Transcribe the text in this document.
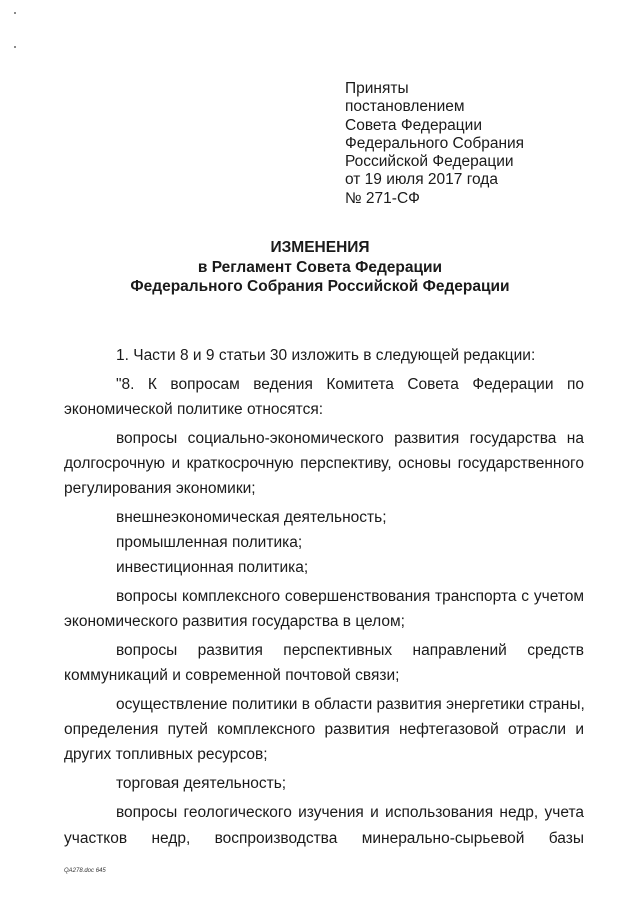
Приняты
постановлением
Совета Федерации
Федерального Собрания
Российской Федерации
от 19 июля 2017 года
№ 271-СФ
ИЗМЕНЕНИЯ
в Регламент Совета Федерации
Федерального Собрания Российской Федерации
1. Части 8 и 9 статьи 30 изложить в следующей редакции:
"8. К вопросам ведения Комитета Совета Федерации по
экономической политике относятся:
вопросы социально-экономического развития государства на
долгосрочную и краткосрочную перспективу, основы государственного
регулирования экономики;
внешнеэкономическая деятельность;
промышленная политика;
инвестиционная политика;
вопросы комплексного совершенствования транспорта с учетом
экономического развития государства в целом;
вопросы развития перспективных направлений средств
коммуникаций и современной почтовой связи;
осуществление политики в области развития энергетики страны,
определения путей комплексного развития нефтегазовой отрасли и
других топливных ресурсов;
торговая деятельность;
вопросы геологического изучения и использования недр, учета
участков недр, воспроизводства минерально-сырьевой базы
QA278.doc 645
